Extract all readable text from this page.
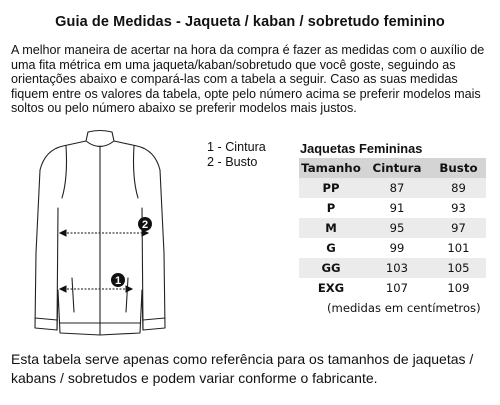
Guia de Medidas - Jaqueta / kaban / sobretudo feminino
A melhor maneira de acertar na hora da compra é fazer as medidas com o auxílio de uma fita métrica em uma jaqueta/kaban/sobretudo que você goste, seguindo as orientações abaixo e compará-las com a tabela a seguir. Caso as suas medidas fiquem entre os valores da tabela, opte pelo número acima se preferir modelos mais soltos ou pelo número abaixo se preferir modelos mais justos.
2
1
1 - Cintura
2 - Busto
Jaquetas Femininas
Tamanho	Cintura	Busto
PP	87	89
P	91	93
M	95	97
G	99	101
GG	103	105
EXG	107	109
(medidas em centímetros)
Esta tabela serve apenas como referência para os tamanhos de jaquetas / kabans / sobretudos e podem variar conforme o fabricante.
